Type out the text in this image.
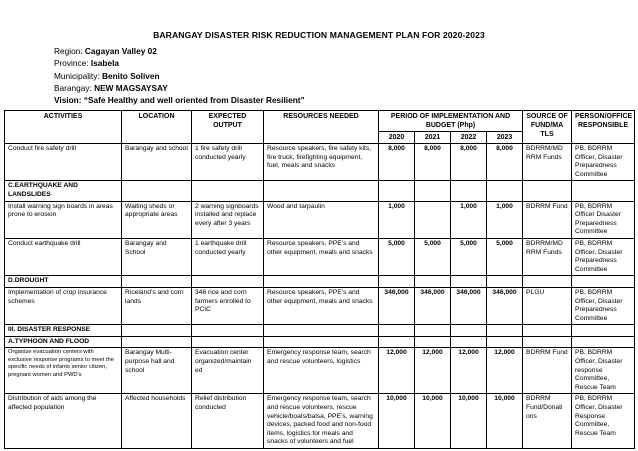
BARANGAY DISASTER RISK REDUCTION MANAGEMENT PLAN FOR 2020-2023
Region: Cagayan Valley 02
Province: Isabela
Municipality: Benito Soliven
Barangay: NEW MAGSAYSAY
Vision: “Safe Healthy and well oriented from Disaster Resilient”
ACTIVITIES	LOCATION	EXPECTED OUTPUT	RESOURCES NEEDED	PERIOD OF IMPLEMENTATION AND BUDGET (Php)				SOURCE OF FUND/MA TLS	PERSON/OFFICE RESPONSIBLE
				2020	2021	2022	2023		
Conduct fire safety drill	Barangay and school	1 fire safety drill conducted yearly	Resource speakers, fire safety kits, fire truck, firefighting equipment, fuel, meals and snacks	8,000	8,000	8,000	8,000	BDRRM/MD RRM Funds	PB, BDRRM Officer, Disaster Preparedness Committee
C.EARTHQUAKE AND LANDSLIDES									
Install warning sign boards in areas prone to erosion	Waiting sheds or appropriate areas	2 warning signboards installed and replace every after 3 years	Wood and tarpaulin	1,000		1,000	1,000	BDRRM Fund	PB, BDRRM Officer Disaster Preparedness Committee
Conduct earthquake drill	Barangay and School	1 earthquake drill conducted yearly	Resource speakers, PPE’s and other equipment, meals and snacks	5,000	5,000	5,000	5,000	BDRRM/MD RRM Funds	PB, BDRRM Officer, Disaster Preparedness Committee
D.DROUGHT									
Implementation of crop insurance schemes	Riceland’s and corn lands	346 rice and corn farmers enrolled to PCIC	Resource speakers, PPE’s and other equipment, meals and snacks	346,000	346,000	346,000	346,000	PLGU	PB, BDRRM Officer, Disaster Preparedness Committee
III. DISASTER RESPONSE									
A.TYPHOON AND FLOOD									
Organize evacuation centers with exclusive response programs to meet the specific needs of infants senior citizen, pregnant women and PWD’s	Barangay Multi-purpose hall and school	Evacuation center organized/maintain ed	Emergency response team, search and rescue volunteers, logistics	12,000	12,000	12,000	12,000	BDRRM Fund	PB, BDRRM Officer, Disaster response Committee, Rescue Team
Distribution of aids among the affected population	Affected households	Relief distribution conducted	Emergency response team, search and rescue volunteers, rescue vehicle/boats/balsa, PPE’s, warning devices, packed food and non-food items, logistics for meals and snacks of volunteers and fuel	10,000	10,000	10,000	10,000	BDRRM Fund/Donati ons	PB, BDRRM Officer, Disaster Response Committee, Rescue Team
